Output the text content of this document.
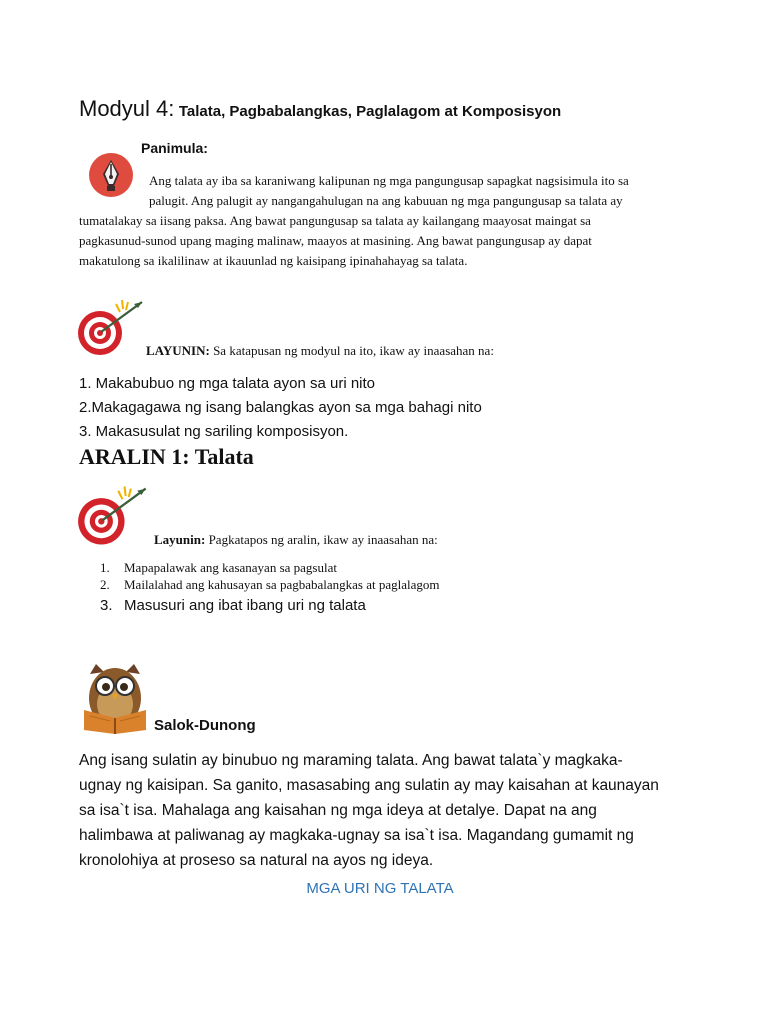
Modyul 4: Talata, Pagbabalangkas, Paglalagom at Komposisyon
Panimula:
Ang talata ay iba sa karaniwang kalipunan ng mga pangungusap sapagkat nagsisimula ito sa
palugit. Ang palugit ay nangangahulugan na ang kabuuan ng mga pangungusap sa talata ay
tumatalakay sa iisang paksa. Ang bawat pangungusap sa talata ay kailangang maayosat maingat sa
pagkasunud-sunod upang maging malinaw, maayos at masining. Ang bawat pangungusap ay dapat
makatulong sa ikalilinaw at ikauunlad ng kaisipang ipinahahayag sa talata.
LAYUNIN: Sa katapusan ng modyul na ito, ikaw ay inaasahan na:
1. Makabubuo ng mga talata ayon sa uri nito
2.Makagagawa ng isang balangkas ayon sa mga bahagi nito
3. Makasusulat ng sariling komposisyon.
ARALIN 1: Talata
Layunin: Pagkatapos ng aralin, ikaw ay inaasahan na:
1. Mapapalawak ang kasanayan sa pagsulat
2. Mailalahad ang kahusayan sa pagbabalangkas at paglalagom
3. Masusuri ang ibat ibang uri ng talata
Salok-Dunong
Ang isang sulatin ay binubuo ng maraming talata. Ang bawat talata`y magkaka-
ugnay ng kaisipan. Sa ganito, masasabing ang sulatin ay may kaisahan at kaunayan
sa isa`t isa. Mahalaga ang kaisahan ng mga ideya at detalye. Dapat na ang
halimbawa at paliwanag ay magkaka-ugnay sa isa`t isa. Magandang gumamit ng
kronolohiya at proseso sa natural na ayos ng ideya.
MGA URI NG TALATA
